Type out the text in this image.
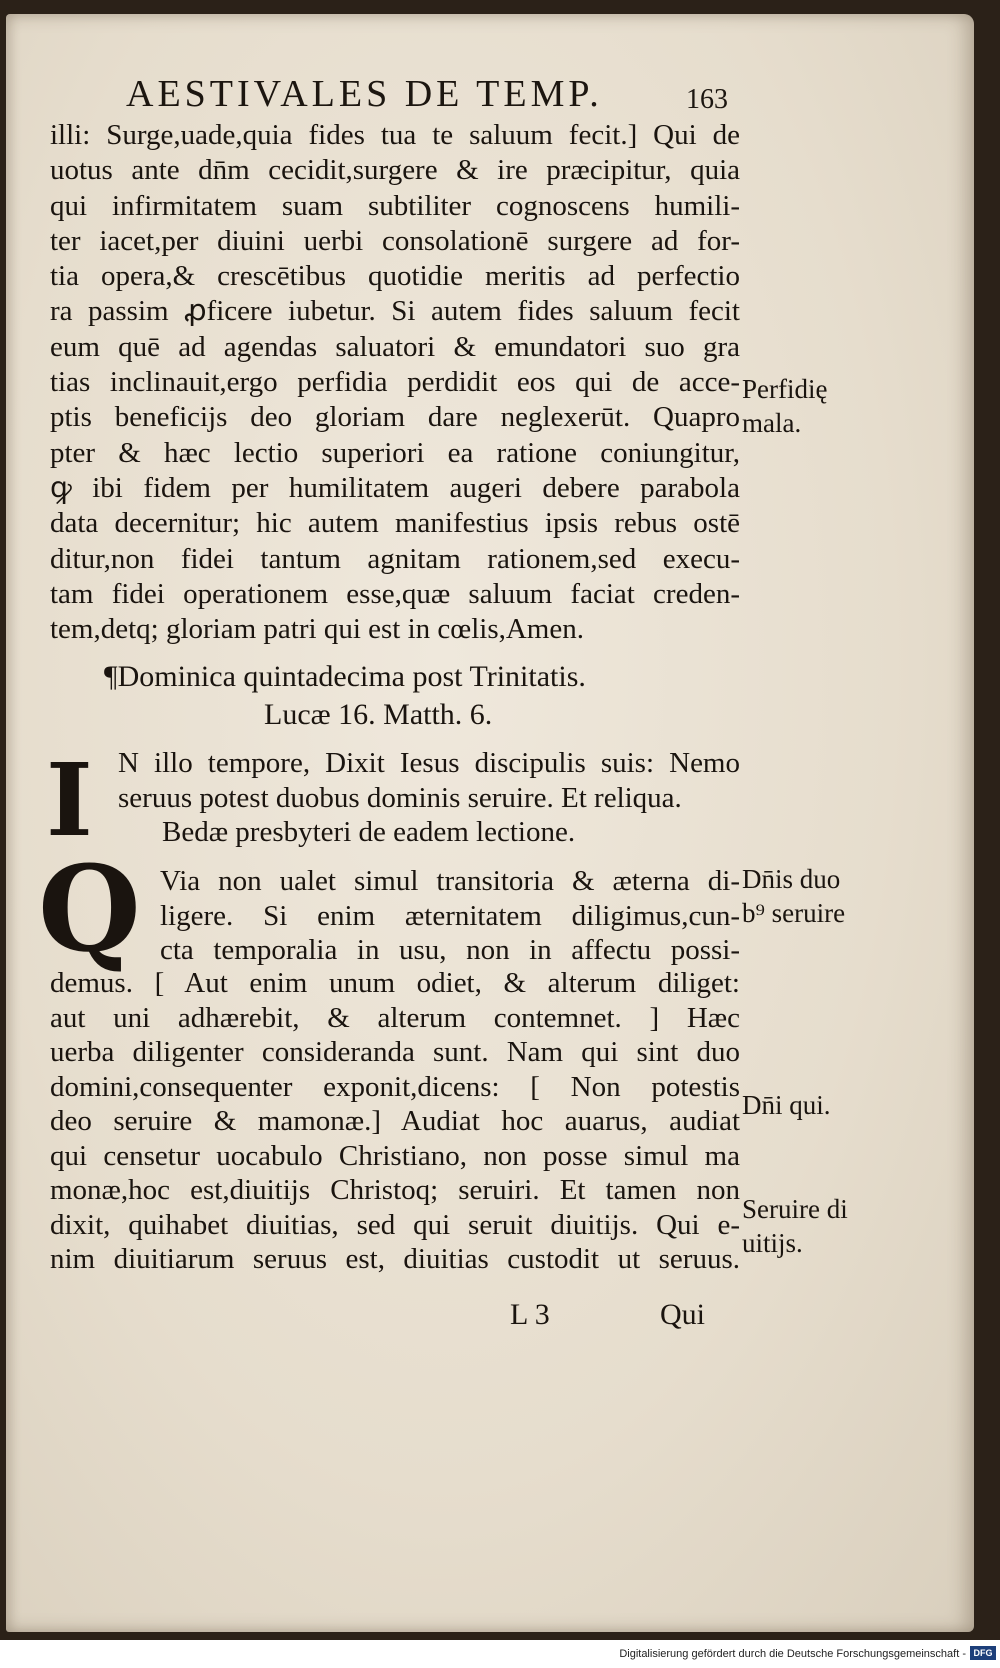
AESTIVALES DE TEMP.	163
illi: Surge,uade,quia fides tua te saluum fecit.] Qui de
uotus ante dn̄m cecidit,surgere & ire præcipitur, quia
qui infirmitatem suam subtiliter cognoscens humili-
ter iacet,per diuini uerbi consolationē surgere ad for-
tia opera,& crescētibus quotidie meritis ad perfectio
ra passim ꝓficere iubetur. Si autem fides saluum fecit
eum quē ad agendas saluatori & emundatori suo gra
tias inclinauit,ergo perfidia perdidit eos qui de acce-
ptis beneficijs deo gloriam dare neglexerūt. Quapro
pter & hæc lectio superiori ea ratione coniungitur,
ꝙ ibi fidem per humilitatem augeri debere parabola
data decernitur; hic autem manifestius ipsis rebus ostē
ditur,non fidei tantum agnitam rationem,sed execu-
tam fidei operationem esse,quæ saluum faciat creden-
tem,detq; gloriam patri qui est in cœlis,Amen.
¶Dominica quintadecima post Trinitatis.
Lucæ 16. Matth. 6.
I N illo tempore, Dixit Iesus discipulis suis: Nemo
seruus potest duobus dominis seruire. Et reliqua.
Bedæ presbyteri de eadem lectione.
Q Via non ualet simul transitoria & æterna di-
ligere. Si enim æternitatem diligimus,cun-
cta temporalia in usu, non in affectu possi-
demus. [ Aut enim unum odiet, & alterum diliget:
aut uni adhærebit, & alterum contemnet. ] Hæc
uerba diligenter consideranda sunt. Nam qui sint duo
domini,consequenter exponit,dicens: [ Non potestis
deo seruire & mamonæ.] Audiat hoc auarus, audiat
qui censetur uocabulo Christiano, non posse simul ma
monæ,hoc est,diuitijs Christoq; seruiri. Et tamen non
dixit, quihabet diuitias, sed qui seruit diuitijs. Qui e-
nim diuitiarum seruus est, diuitias custodit ut seruus.
L 3	Qui
Perfidię
mala.
Dn̄is duo
b⁹ seruire
Dn̄i qui.
Seruire di
uitijs.
Digitalisierung gefördert durch die Deutsche Forschungsgemeinschaft - DFG
